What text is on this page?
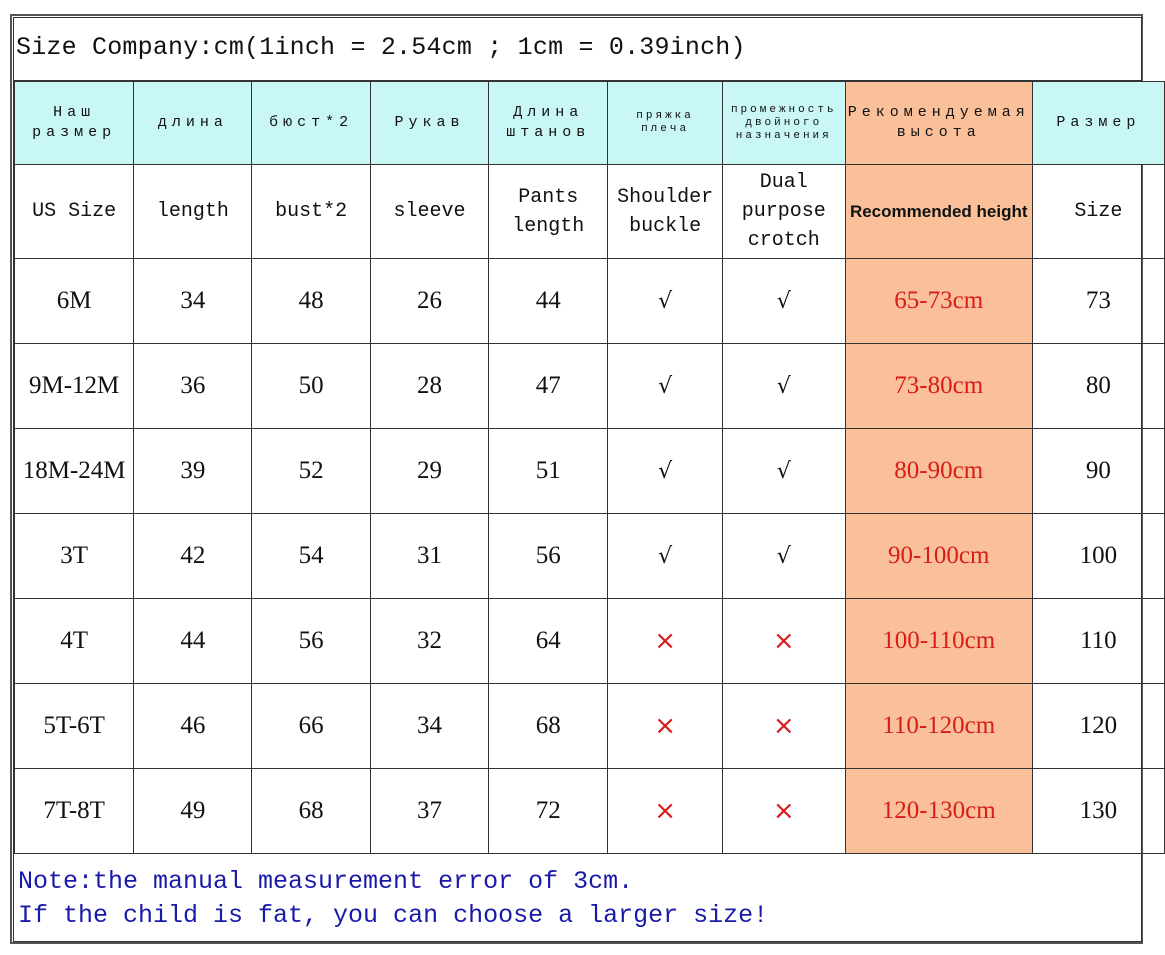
Size Company:cm(1inch = 2.54cm ; 1cm = 0.39inch)
Наш размер	длина	бюст*2	Рукав	Длина штанов	пряжка плеча	промежность двойного назначения	Рекомендуемая высота	Размер
US Size	length	bust*2	sleeve	Pants length	Shoulder buckle	Dual purpose crotch	Recommended height	Size
6M	34	48	26	44	√	√	65-73cm	73
9M-12M	36	50	28	47	√	√	73-80cm	80
18M-24M	39	52	29	51	√	√	80-90cm	90
3T	42	54	31	56	√	√	90-100cm	100
4T	44	56	32	64	×	×	100-110cm	110
5T-6T	46	66	34	68	×	×	110-120cm	120
7T-8T	49	68	37	72	×	×	120-130cm	130
Note:the manual measurement error of 3cm.
If the child is fat, you can choose a larger size!
